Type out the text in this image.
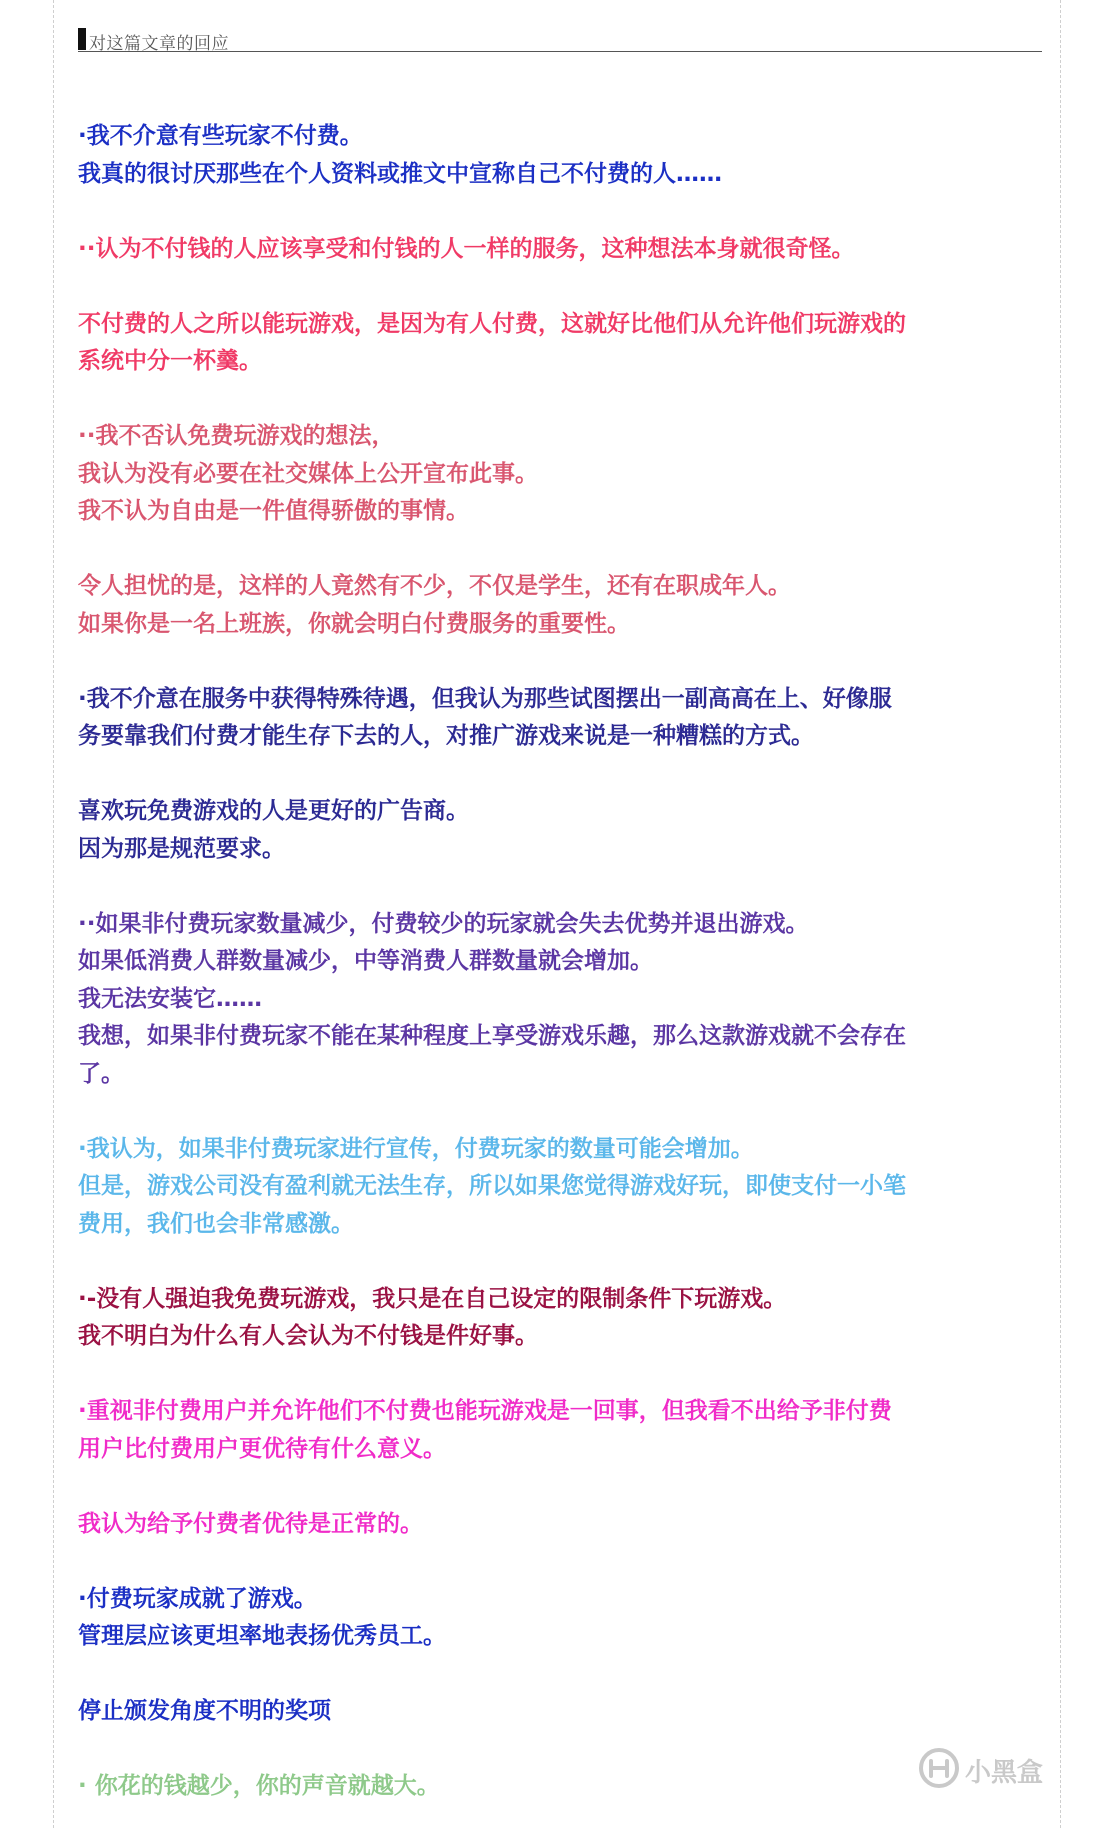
对这篇文章的回应
·我不介意有些玩家不付费。
我真的很讨厌那些在个人资料或推文中宣称自己不付费的人……
··认为不付钱的人应该享受和付钱的人一样的服务，这种想法本身就很奇怪。
不付费的人之所以能玩游戏，是因为有人付费，这就好比他们从允许他们玩游戏的
系统中分一杯羹。
··我不否认免费玩游戏的想法，
我认为没有必要在社交媒体上公开宣布此事。
我不认为自由是一件值得骄傲的事情。
令人担忧的是，这样的人竟然有不少，不仅是学生，还有在职成年人。
如果你是一名上班族，你就会明白付费服务的重要性。
·我不介意在服务中获得特殊待遇，但我认为那些试图摆出一副高高在上、好像服
务要靠我们付费才能生存下去的人，对推广游戏来说是一种糟糕的方式。
喜欢玩免费游戏的人是更好的广告商。
因为那是规范要求。
··如果非付费玩家数量减少，付费较少的玩家就会失去优势并退出游戏。
如果低消费人群数量减少，中等消费人群数量就会增加。
我无法安装它……
我想，如果非付费玩家不能在某种程度上享受游戏乐趣，那么这款游戏就不会存在
了。
·我认为，如果非付费玩家进行宣传，付费玩家的数量可能会增加。
但是，游戏公司没有盈利就无法生存，所以如果您觉得游戏好玩，即使支付一小笔
费用，我们也会非常感激。
·-没有人强迫我免费玩游戏，我只是在自己设定的限制条件下玩游戏。
我不明白为什么有人会认为不付钱是件好事。
·重视非付费用户并允许他们不付费也能玩游戏是一回事，但我看不出给予非付费
用户比付费用户更优待有什么意义。
我认为给予付费者优待是正常的。
·付费玩家成就了游戏。
管理层应该更坦率地表扬优秀员工。
停止颁发角度不明的奖项
· 你花的钱越少，你的声音就越大。	小黑盒
